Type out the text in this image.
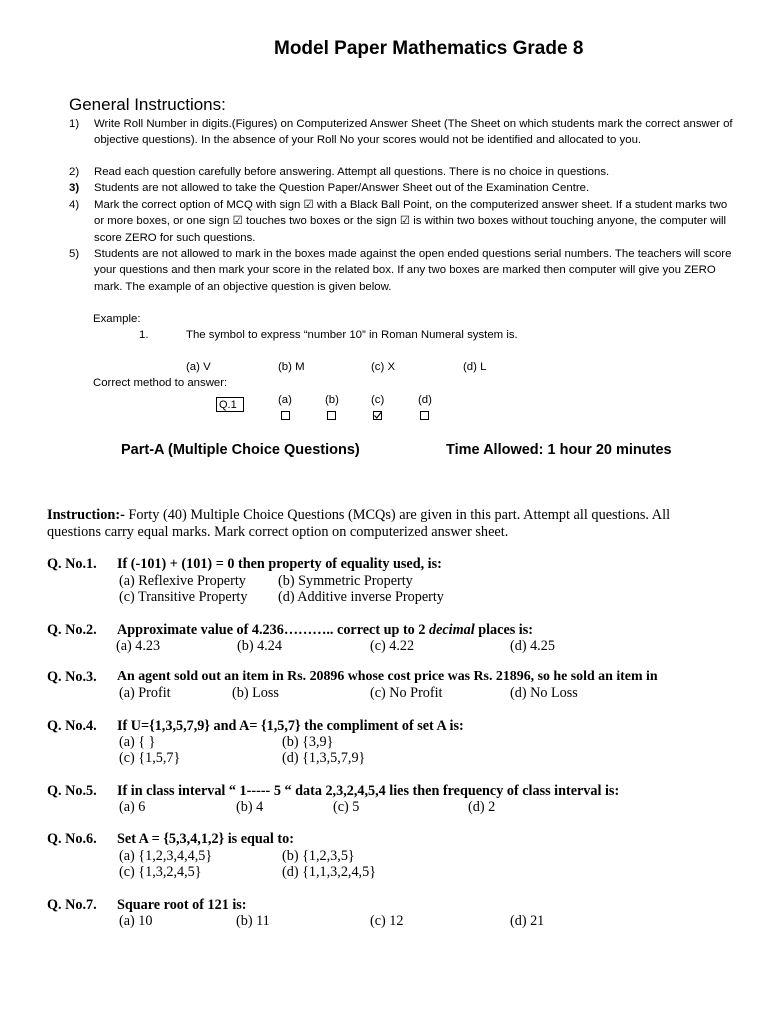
Model Paper Mathematics Grade 8
General Instructions:
1) Write Roll Number in digits.(Figures) on Computerized Answer Sheet (The Sheet on which students mark the correct answer of objective questions). In the absence of your Roll No your scores would not be identified and allocated to you.
2) Read each question carefully before answering. Attempt all questions. There is no choice in questions.
3) Students are not allowed to take the Question Paper/Answer Sheet out of the Examination Centre.
4) Mark the correct option of MCQ with sign ☑ with a Black Ball Point, on the computerized answer sheet. If a student marks two or more boxes, or one sign ☑ touches two boxes or the sign ☑ is within two boxes without touching anyone, the computer will score ZERO for such questions.
5) Students are not allowed to mark in the boxes made against the open ended questions serial numbers. The teachers will score your questions and then mark your score in the related box. If any two boxes are marked then computer will give you ZERO mark. The example of an objective question is given below.
Example:
1.	The symbol to express “number 10” in Roman Numeral system is.
(a) V	(b) M	(c) X	(d) L
Correct method to answer:
Q.1	(a)	(b)	(c)	(d)
Part-A (Multiple Choice Questions)	Time Allowed: 1 hour 20 minutes
Instruction:- Forty (40) Multiple Choice Questions (MCQs) are given in this part. Attempt all questions. All questions carry equal marks. Mark correct option on computerized answer sheet.
Q. No.1. If (-101) + (101) = 0 then property of equality used, is:
(a) Reflexive Property (b) Symmetric Property
(c) Transitive Property (d) Additive inverse Property
Q. No.2. Approximate value of 4.236……….. correct up to 2 decimal places is:
(a) 4.23	(b) 4.24	(c) 4.22	(d) 4.25
Q. No.3. An agent sold out an item in Rs. 20896 whose cost price was Rs. 21896, so he sold an item in
(a) Profit	(b) Loss	(c) No Profit	(d) No Loss
Q. No.4. If U={1,3,5,7,9} and A= {1,5,7} the compliment of set A is:
(a) { }	(b) {3,9}
(c) {1,5,7}	(d) {1,3,5,7,9}
Q. No.5. If in class interval “ 1----- 5 “ data 2,3,2,4,5,4 lies then frequency of class interval is:
(a) 6	(b) 4	(c) 5	(d) 2
Q. No.6. Set A = {5,3,4,1,2} is equal to:
(a) {1,2,3,4,4,5}	(b) {1,2,3,5}
(c) {1,3,2,4,5}	(d) {1,1,3,2,4,5}
Q. No.7. Square root of 121 is:
(a) 10	(b) 11	(c) 12	(d) 21
